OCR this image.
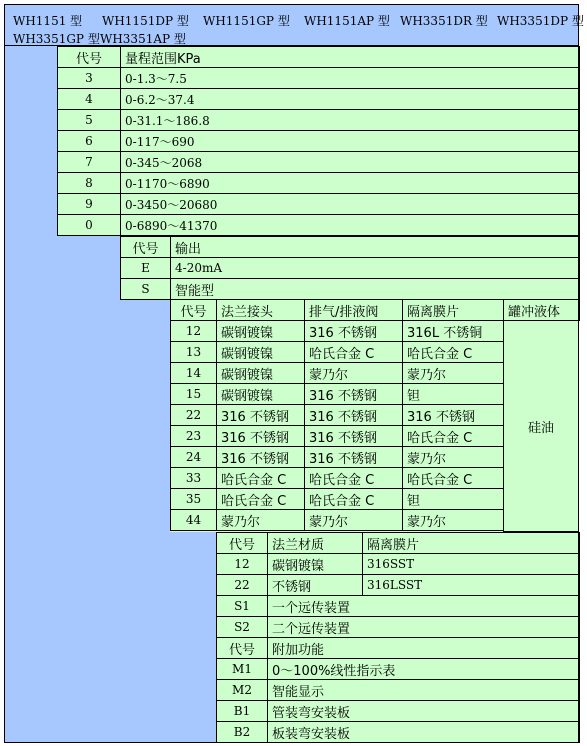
WH1151 型 WH1151DP 型 WH1151GP 型 WH1151AP 型 WH3351DR 型 WH3351DP 型
WH3351GP 型 WH3351AP 型
代号	量程范围KPa
3	0-1.3～7.5
4	0-6.2～37.4
5	0-31.1～186.8
6	0-117～690
7	0-345～2068
8	0-1170～6890
9	0-3450～20680
0	0-6890～41370
代号	输出
E	4-20mA
S	智能型
代号	法兰接头	排气/排液阀	隔离膜片	罐冲液体
12	碳钢镀镍	316 不锈钢	316L 不锈铜
13	碳钢镀镍	哈氏合金 C	哈氏合金 C
14	碳钢镀镍	蒙乃尔	蒙乃尔
15	碳钢镀镍	316 不锈钢	钽
22	316 不锈钢	316 不锈钢	316 不锈钢
23	316 不锈钢	316 不锈钢	哈氏合金 C
24	316 不锈钢	316 不锈钢	蒙乃尔
33	哈氏合金 C	哈氏合金 C	哈氏合金 C
35	哈氏合金 C	哈氏合金 C	钽
44	蒙乃尔	蒙乃尔	蒙乃尔
代号	法兰材质	隔离膜片
12	碳钢镀镍	316SST
22	不锈钢	316LSST
S1	一个远传装置
S2	二个远传装置
代号	附加功能
M1	0～100%线性指示表
M2	智能显示
B1	管装弯安装板
B2	板装弯安装板
硅油
